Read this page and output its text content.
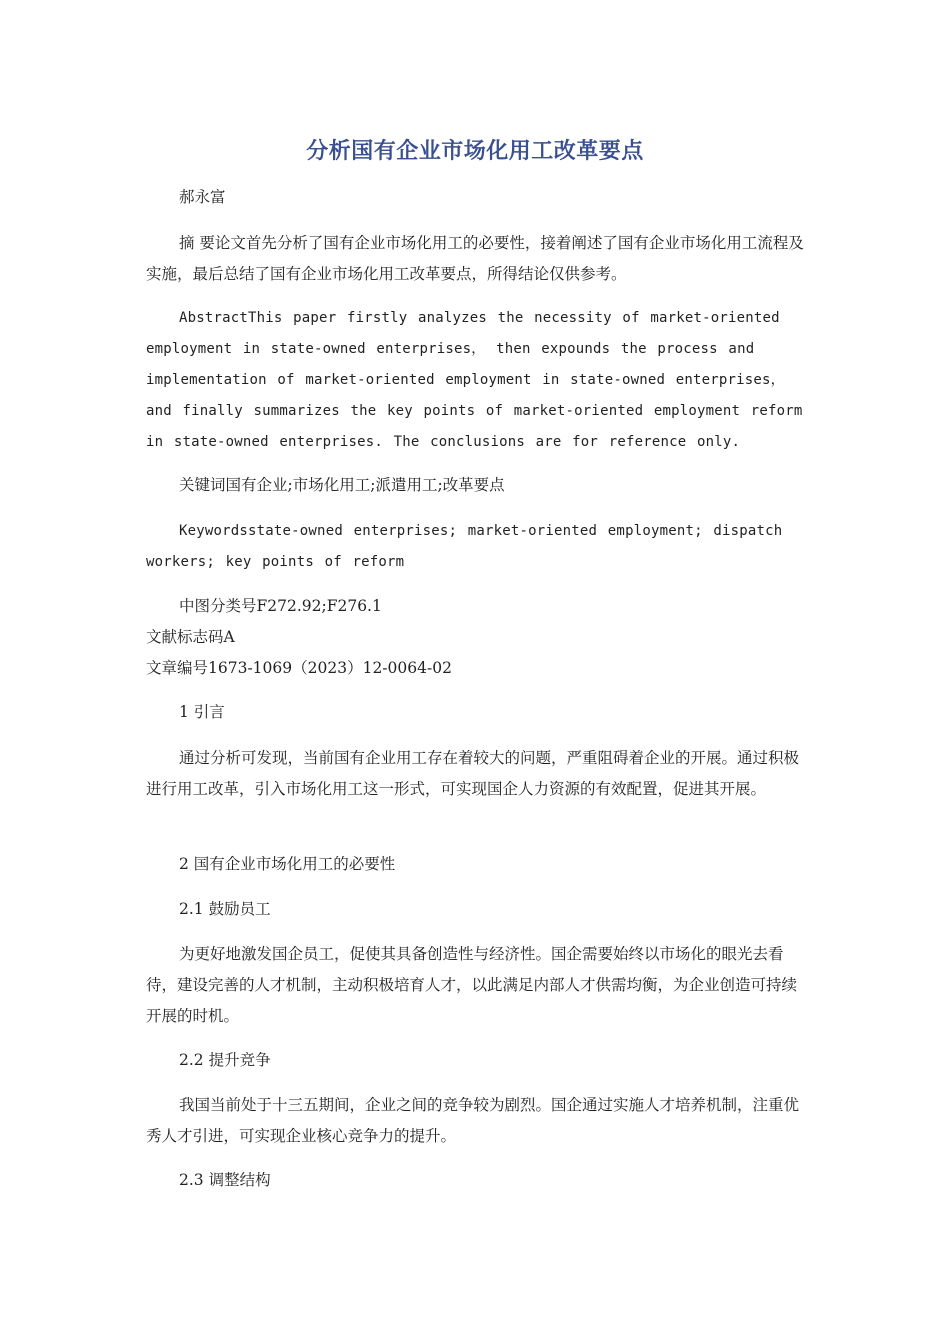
分析国有企业市场化用工改革要点

郝永富

摘 要论文首先分析了国有企业市场化用工的必要性，接着阐述了国有企业市场化用工流程及实施，最后总结了国有企业市场化用工改革要点，所得结论仅供参考。

AbstractThis paper firstly analyzes the necessity of market-oriented employment in state-owned enterprises， then expounds the process and implementation of market-oriented employment in state-owned enterprises， and finally summarizes the key points of market-oriented employment reform in state-owned enterprises. The conclusions are for reference only.

关键词国有企业;市场化用工;派遣用工;改革要点

Keywordsstate-owned enterprises; market-oriented employment; dispatch workers; key points of reform

中图分类号F272.92;F276.1
文献标志码A
文章编号1673-1069（2023）12-0064-02

1 引言

通过分析可发现，当前国有企业用工存在着较大的问题，严重阻碍着企业的开展。通过积极进行用工改革，引入市场化用工这一形式，可实现国企人力资源的有效配置，促进其开展。

2 国有企业市场化用工的必要性

2.1 鼓励员工

为更好地激发国企员工，促使其具备创造性与经济性。国企需要始终以市场化的眼光去看待，建设完善的人才机制，主动积极培育人才，以此满足内部人才供需均衡，为企业创造可持续开展的时机。

2.2 提升竞争

我国当前处于十三五期间，企业之间的竞争较为剧烈。国企通过实施人才培养机制，注重优秀人才引进，可实现企业核心竞争力的提升。

2.3 调整结构
